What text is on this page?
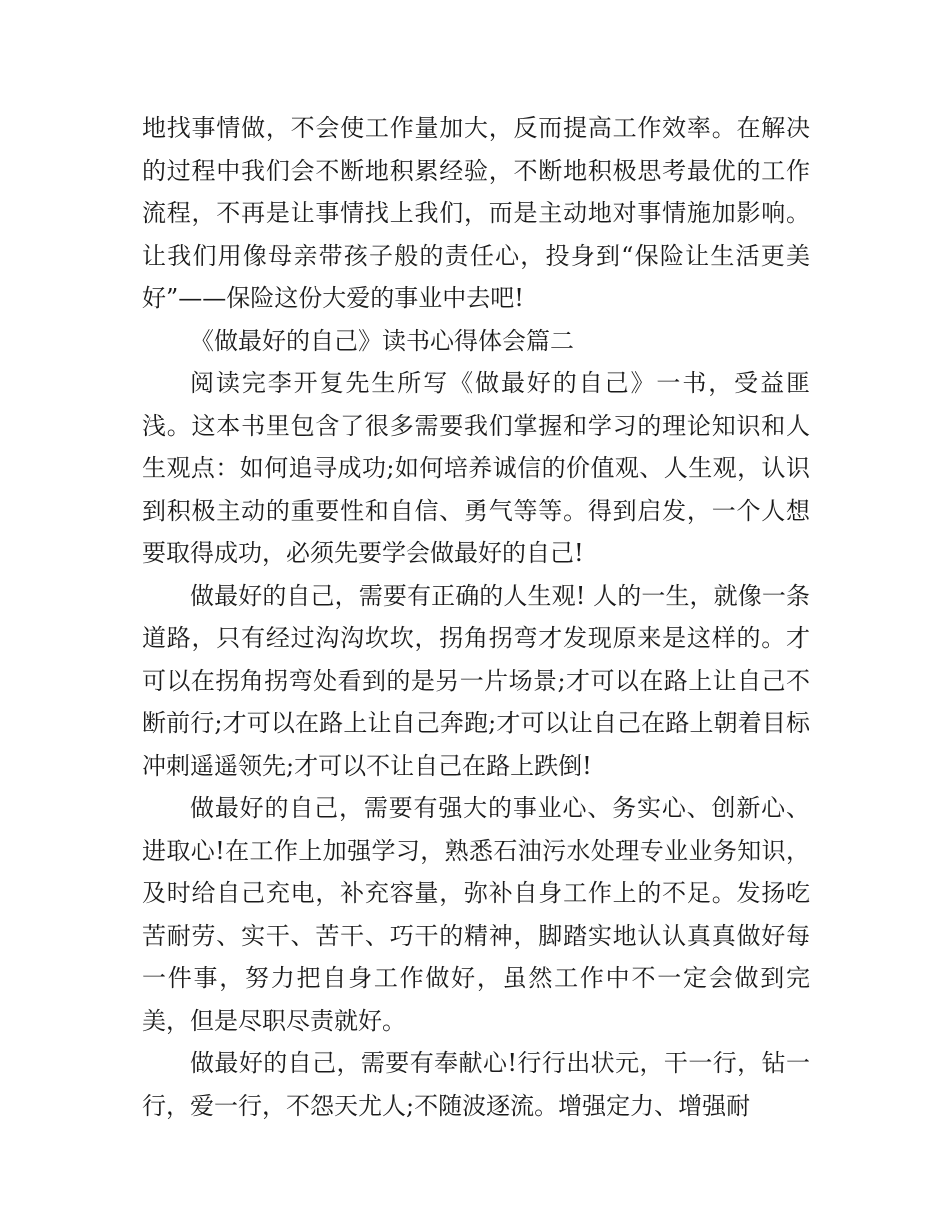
地找事情做，不会使工作量加大，反而提高工作效率。在解决的过程中我们会不断地积累经验，不断地积极思考最优的工作流程，不再是让事情找上我们，而是主动地对事情施加影响。让我们用像母亲带孩子般的责任心，投身到“保险让生活更美好”——保险这份大爱的事业中去吧!

《做最好的自己》读书心得体会篇二

阅读完李开复先生所写《做最好的自己》一书，受益匪浅。这本书里包含了很多需要我们掌握和学习的理论知识和人生观点：如何追寻成功;如何培养诚信的价值观、人生观，认识到积极主动的重要性和自信、勇气等等。得到启发，一个人想要取得成功，必须先要学会做最好的自己!

做最好的自己，需要有正确的人生观! 人的一生，就像一条道路，只有经过沟沟坎坎，拐角拐弯才发现原来是这样的。才可以在拐角拐弯处看到的是另一片场景;才可以在路上让自己不断前行;才可以在路上让自己奔跑;才可以让自己在路上朝着目标冲刺遥遥领先;才可以不让自己在路上跌倒!

做最好的自己，需要有强大的事业心、务实心、创新心、进取心!在工作上加强学习，熟悉石油污水处理专业业务知识，及时给自己充电，补充容量，弥补自身工作上的不足。发扬吃苦耐劳、实干、苦干、巧干的精神，脚踏实地认认真真做好每一件事，努力把自身工作做好，虽然工作中不一定会做到完美，但是尽职尽责就好。

做最好的自己，需要有奉献心!行行出状元，干一行，钻一行，爱一行，不怨天尤人;不随波逐流。增强定力、增强耐
